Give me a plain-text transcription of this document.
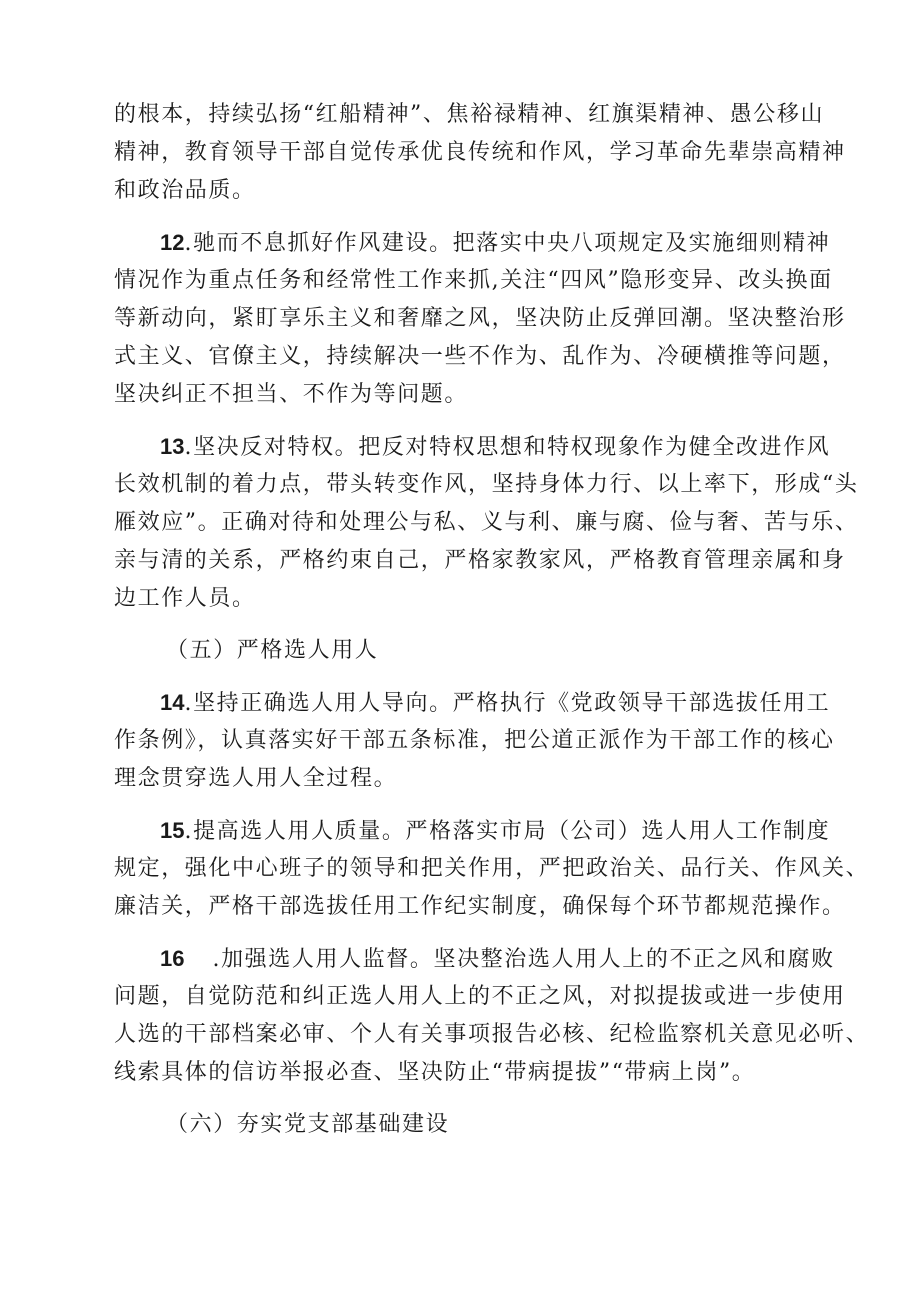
的根本，持续弘扬“红船精神”、焦裕禄精神、红旗渠精神、愚公移山
精神，教育领导干部自觉传承优良传统和作风，学习革命先辈崇高精神
和政治品质。
12.驰而不息抓好作风建设。把落实中央八项规定及实施细则精神
情况作为重点任务和经常性工作来抓,关注“四风”隐形变异、改头换面
等新动向，紧盯享乐主义和奢靡之风，坚决防止反弹回潮。坚决整治形
式主义、官僚主义，持续解决一些不作为、乱作为、冷硬横推等问题，
坚决纠正不担当、不作为等问题。
13.坚决反对特权。把反对特权思想和特权现象作为健全改进作风
长效机制的着力点，带头转变作风，坚持身体力行、以上率下，形成“头
雁效应”。正确对待和处理公与私、义与利、廉与腐、俭与奢、苦与乐、
亲与清的关系，严格约束自己，严格家教家风，严格教育管理亲属和身
边工作人员。
（五）严格选人用人
14.坚持正确选人用人导向。严格执行《党政领导干部选拔任用工
作条例》，认真落实好干部五条标准，把公道正派作为干部工作的核心
理念贯穿选人用人全过程。
15.提高选人用人质量。严格落实市局（公司）选人用人工作制度
规定，强化中心班子的领导和把关作用，严把政治关、品行关、作风关、
廉洁关，严格干部选拔任用工作纪实制度，确保每个环节都规范操作。
16 .加强选人用人监督。坚决整治选人用人上的不正之风和腐败
问题，自觉防范和纠正选人用人上的不正之风，对拟提拔或进一步使用
人选的干部档案必审、个人有关事项报告必核、纪检监察机关意见必听、
线索具体的信访举报必查、坚决防止“带病提拔”“带病上岗”。
（六）夯实党支部基础建设
